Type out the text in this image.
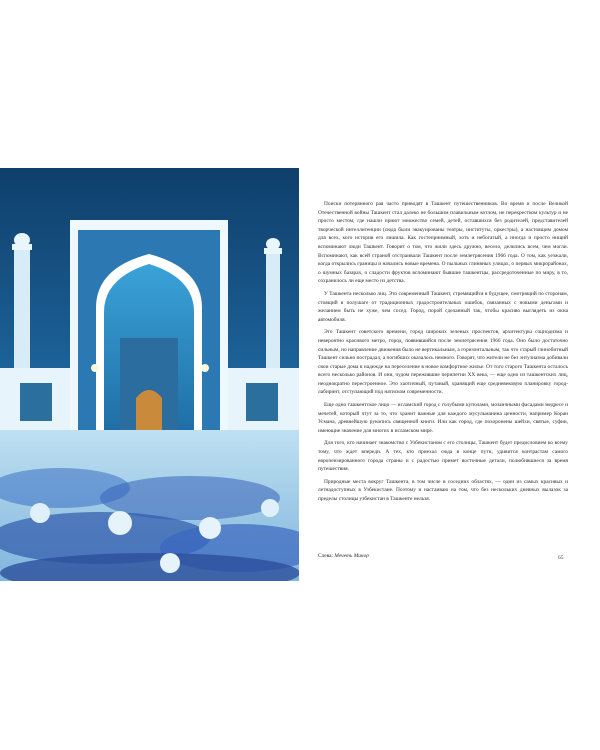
Поиски потерянного рая часто приводят в Ташкент путешественников. Во время и после Великой Отечественной войны Ташкент стал далеко не большим плавильным котлом, не перекрестком культур и не просто местом, где нашли приют множество семей, детей, оставшихся без родителей, представителей творческой интеллигенции (сюда были эвакуированы театры, институты, оркестры), а настоящим домом для всех, кого история его лишила. Как гостеприимный, хоть и небогатый, а иногда и просто нищий вспоминают люди Ташкент. Говорит о том, что жили здесь дружно, весело, делились всем, чем могли. Вспоминают, как всей страной отстраивали Ташкент после землетрясения 1966 года. О том, как уезжали, когда открылись границы и начались новые времена. О пыльных глиняных улицах, о первых микрорайонах, о шумных базарах, о сладости фруктов вспоминают бывшие ташкентцы, рассредоточенные по миру, в то, сохранилось ли еще место из детства.

У Ташкента несколько лиц. Это современный Ташкент, стремящийся в будущее, смотрящий по сторонам, стоящий в полушаге от традиционных градостроительных ошибок, связанных с новыми деньгами и желанием быть не хуже, чем сосед. Город, порой сделанный так, чтобы красиво выглядеть из окна автомобиля.

Это Ташкент советского времени, город широких зеленых проспектов, архитектуры социодизма и невероятно красивого метро, город, появившийся после землетрясения 1966 года. Оно было достаточно сильным, но направление движения было не вертикальным, а горизонтальным, так что старый глинобитный Ташкент сильно пострадал, а погибших оказалось немного. Говорят, что жители не без энтузиазма добивали свои старые дома в надежде на переселение в новое комфортное жилье. От того старого Ташкента осталось всего несколько районов. И они, чудом пережившие перипетии XX века, — еще одно из ташкентских лиц, неоднократно перестроенное. Это хаотичный, путаный, хранящий еще средневековую планировку город-лабиринт, отступающий под натиском современности.

Еще одно ташкентское лицо — исламский город с голубыми куполами, мозаичными фасадами медресе и мечетей, который чтут за то, что хранит важные для каждого мусульманина ценности, например Коран Усмана, древнейшую рукопись священной книги. Или как город, где похоронены шейхи, святые, суфии, имеющие значение для многих в исламском мире.

Для того, кто начинает знакомство с Узбекистаном с его столицы, Ташкент будет предисловием ко всему тому, что ждет впереди. А тех, кто приехал сюда в конце пути, удивится контрастам самого европеизированного города страны и с радостью примет восточные детали, полюбившиеся за время путешествия.

Природные места вокруг Ташкента, в том числе в соседних областях, — одни из самых красивых и летнадоступных в Узбекистане. Поэтому и настаиваю на том, что без нескольких дневных вылазок за пределы столицы узбекистан в Ташкенте нельзя.

Слева: Мечеть Минор	65
